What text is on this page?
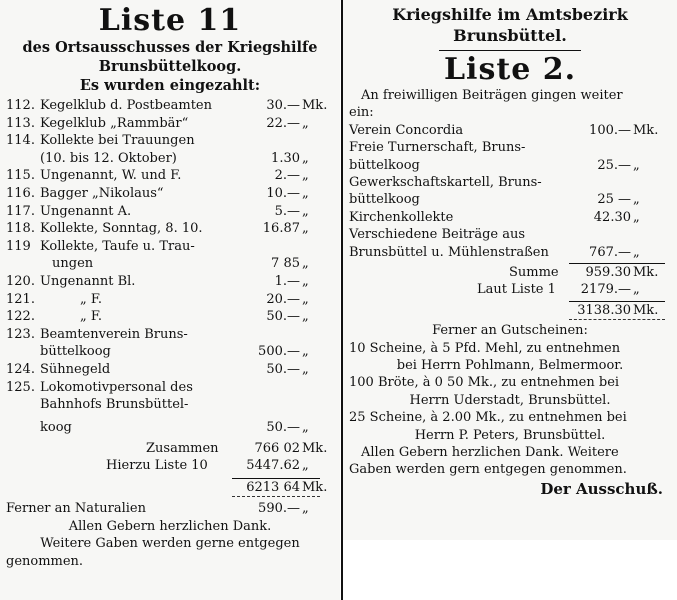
Liste 11
des Ortsausschusses der Kriegshilfe
Brunsbüttelkoog.
Es wurden eingezahlt:
112. Kegelklub d. Postbeamten	30.— Mk.
113. Kegelklub „Rammbär“	22.— „
114. Kollekte bei Trauungen
(10. bis 12. Oktober)	1.30 „
115. Ungenannt, W. und F.	2.— „
116. Bagger „Nikolaus“	10.— „
117. Ungenannt A.	5.— „
118. Kollekte, Sonntag, 8. 10.	16.87 „
119 Kollekte, Taufe u. Trau-
ungen	7 85 „
120. Ungenannt Bl.	1.— „
121.	„ F.	20.— „
122.	„ F.	50.— „
123. Beamtenverein Bruns-
büttelkoog	500.— „
124. Sühnegeld	50.— „
125. Lokomotivpersonal des
Bahnhofs Brunsbüttel-
koog	50.— „
Zusammen	766 02 Mk.
Hierzu Liste 10	5447.62 „
6213 64 Mk.
Ferner an Naturalien	590.— „
Allen Gebern herzlichen Dank.
Weitere Gaben werden gerne entgegen
genommen.
Kriegshilfe im Amtsbezirk
Brunsbüttel.
Liste 2.
An freiwilligen Beiträgen gingen weiter
ein:
Verein Concordia	100.— Mk.
Freie Turnerschaft, Bruns-
büttelkoog	25.— „
Gewerkschaftskartell, Bruns-
büttelkoog	25 — „
Kirchenkollekte	42.30 „
Verschiedene Beiträge aus
Brunsbüttel u. Mühlenstraßen	767.— „
Summe 959.30 Mk.
Laut Liste 1 2179.— „
3138.30 Mk.
Ferner an Gutscheinen:
10 Scheine, à 5 Pfd. Mehl, zu entnehmen
bei Herrn Pohlmann, Belmermoor.
100 Bröte, à 0 50 Mk., zu entnehmen bei
Herrn Uderstadt, Brunsbüttel.
25 Scheine, à 2.00 Mk., zu entnehmen bei
Herrn P. Peters, Brunsbüttel.
Allen Gebern herzlichen Dank. Weitere
Gaben werden gern entgegen genommen.
Der Ausschuß.
